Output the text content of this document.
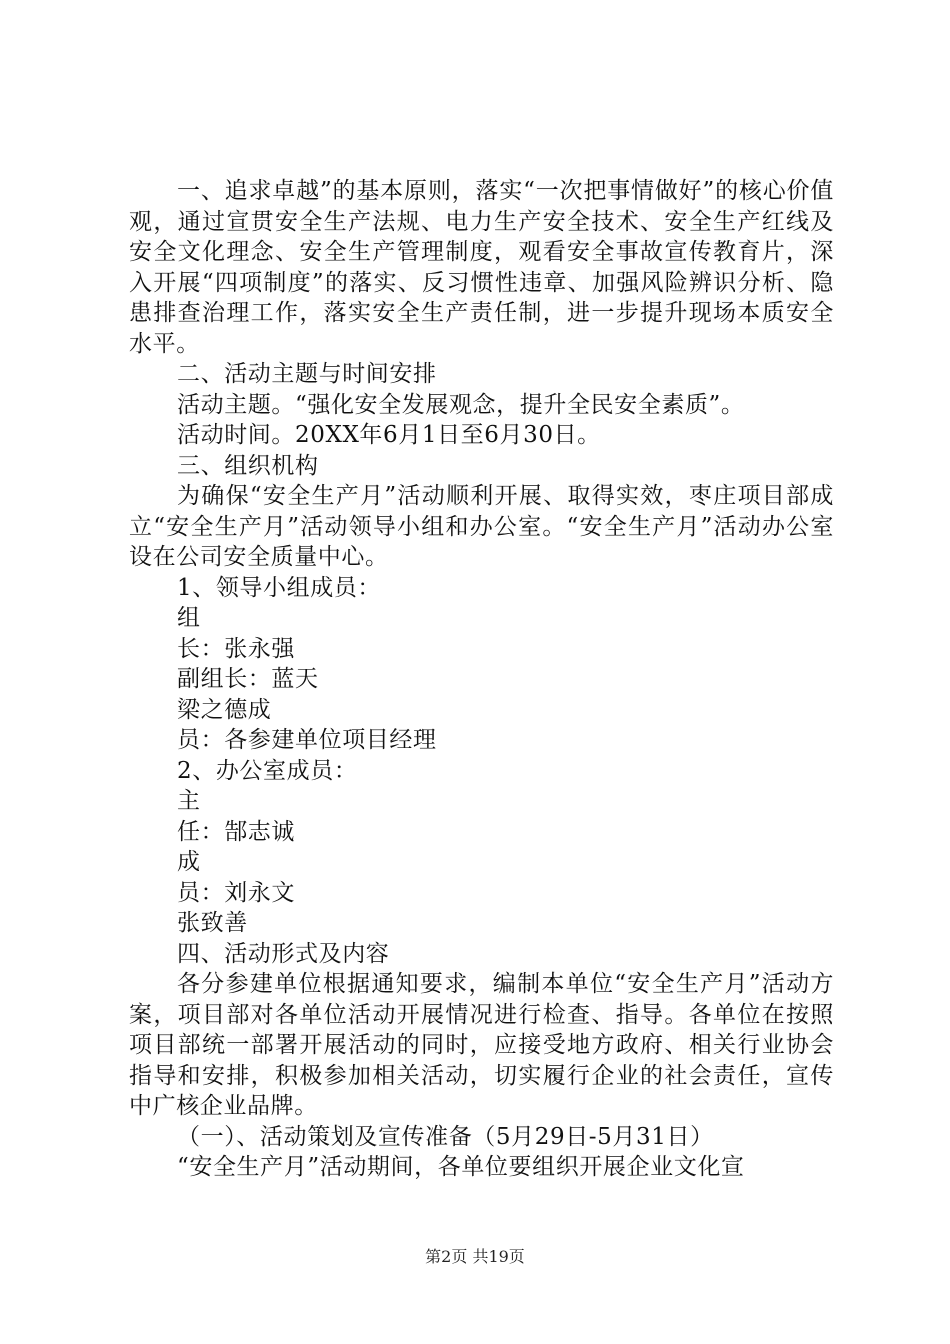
一、追求卓越”的基本原则，落实“一次把事情做好”的核心价值观，通过宣贯安全生产法规、电力生产安全技术、安全生产红线及安全文化理念、安全生产管理制度，观看安全事故宣传教育片，深入开展“四项制度”的落实、反习惯性违章、加强风险辨识分析、隐患排查治理工作，落实安全生产责任制，进一步提升现场本质安全水平。

二、活动主题与时间安排

活动主题。“强化安全发展观念，提升全民安全素质”。

活动时间。20XX年6月1日至6月30日。

三、组织机构

为确保“安全生产月”活动顺利开展、取得实效，枣庄项目部成立“安全生产月”活动领导小组和办公室。“安全生产月”活动办公室设在公司安全质量中心。

1、领导小组成员：

组

长：张永强

副组长：蓝天

梁之德成

员：各参建单位项目经理

2、办公室成员：

主

任：郜志诚

成

员：刘永文

张致善

四、活动形式及内容

各分参建单位根据通知要求，编制本单位“安全生产月”活动方案，项目部对各单位活动开展情况进行检查、指导。各单位在按照项目部统一部署开展活动的同时，应接受地方政府、相关行业协会指导和安排，积极参加相关活动，切实履行企业的社会责任，宣传中广核企业品牌。

（一）、活动策划及宣传准备（5月29日-5月31日）

“安全生产月”活动期间，各单位要组织开展企业文化宣

第2页 共19页
